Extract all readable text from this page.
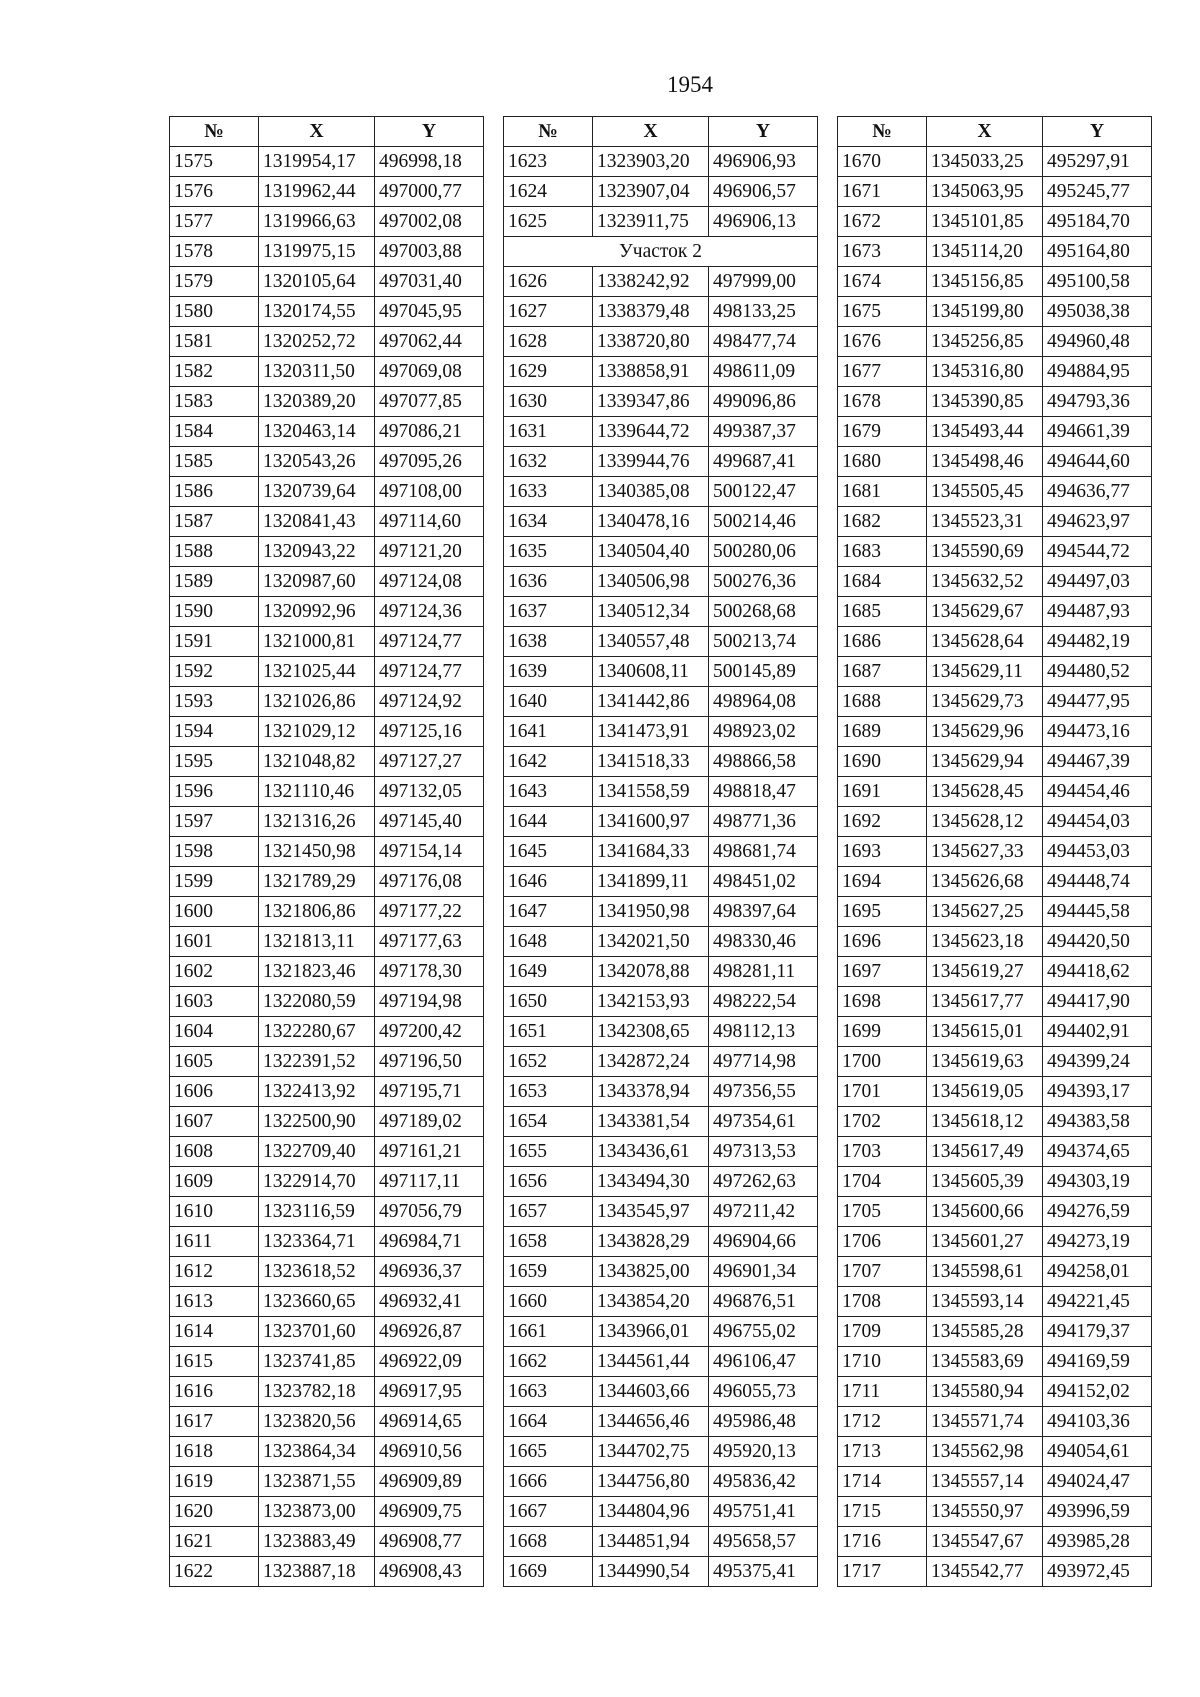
1954
№	X	Y
1575	1319954,17	496998,18
1576	1319962,44	497000,77
1577	1319966,63	497002,08
1578	1319975,15	497003,88
1579	1320105,64	497031,40
1580	1320174,55	497045,95
1581	1320252,72	497062,44
1582	1320311,50	497069,08
1583	1320389,20	497077,85
1584	1320463,14	497086,21
1585	1320543,26	497095,26
1586	1320739,64	497108,00
1587	1320841,43	497114,60
1588	1320943,22	497121,20
1589	1320987,60	497124,08
1590	1320992,96	497124,36
1591	1321000,81	497124,77
1592	1321025,44	497124,77
1593	1321026,86	497124,92
1594	1321029,12	497125,16
1595	1321048,82	497127,27
1596	1321110,46	497132,05
1597	1321316,26	497145,40
1598	1321450,98	497154,14
1599	1321789,29	497176,08
1600	1321806,86	497177,22
1601	1321813,11	497177,63
1602	1321823,46	497178,30
1603	1322080,59	497194,98
1604	1322280,67	497200,42
1605	1322391,52	497196,50
1606	1322413,92	497195,71
1607	1322500,90	497189,02
1608	1322709,40	497161,21
1609	1322914,70	497117,11
1610	1323116,59	497056,79
1611	1323364,71	496984,71
1612	1323618,52	496936,37
1613	1323660,65	496932,41
1614	1323701,60	496926,87
1615	1323741,85	496922,09
1616	1323782,18	496917,95
1617	1323820,56	496914,65
1618	1323864,34	496910,56
1619	1323871,55	496909,89
1620	1323873,00	496909,75
1621	1323883,49	496908,77
1622	1323887,18	496908,43
№	X	Y
1623	1323903,20	496906,93
1624	1323907,04	496906,57
1625	1323911,75	496906,13
Участок 2		
1626	1338242,92	497999,00
1627	1338379,48	498133,25
1628	1338720,80	498477,74
1629	1338858,91	498611,09
1630	1339347,86	499096,86
1631	1339644,72	499387,37
1632	1339944,76	499687,41
1633	1340385,08	500122,47
1634	1340478,16	500214,46
1635	1340504,40	500280,06
1636	1340506,98	500276,36
1637	1340512,34	500268,68
1638	1340557,48	500213,74
1639	1340608,11	500145,89
1640	1341442,86	498964,08
1641	1341473,91	498923,02
1642	1341518,33	498866,58
1643	1341558,59	498818,47
1644	1341600,97	498771,36
1645	1341684,33	498681,74
1646	1341899,11	498451,02
1647	1341950,98	498397,64
1648	1342021,50	498330,46
1649	1342078,88	498281,11
1650	1342153,93	498222,54
1651	1342308,65	498112,13
1652	1342872,24	497714,98
1653	1343378,94	497356,55
1654	1343381,54	497354,61
1655	1343436,61	497313,53
1656	1343494,30	497262,63
1657	1343545,97	497211,42
1658	1343828,29	496904,66
1659	1343825,00	496901,34
1660	1343854,20	496876,51
1661	1343966,01	496755,02
1662	1344561,44	496106,47
1663	1344603,66	496055,73
1664	1344656,46	495986,48
1665	1344702,75	495920,13
1666	1344756,80	495836,42
1667	1344804,96	495751,41
1668	1344851,94	495658,57
1669	1344990,54	495375,41
№	X	Y
1670	1345033,25	495297,91
1671	1345063,95	495245,77
1672	1345101,85	495184,70
1673	1345114,20	495164,80
1674	1345156,85	495100,58
1675	1345199,80	495038,38
1676	1345256,85	494960,48
1677	1345316,80	494884,95
1678	1345390,85	494793,36
1679	1345493,44	494661,39
1680	1345498,46	494644,60
1681	1345505,45	494636,77
1682	1345523,31	494623,97
1683	1345590,69	494544,72
1684	1345632,52	494497,03
1685	1345629,67	494487,93
1686	1345628,64	494482,19
1687	1345629,11	494480,52
1688	1345629,73	494477,95
1689	1345629,96	494473,16
1690	1345629,94	494467,39
1691	1345628,45	494454,46
1692	1345628,12	494454,03
1693	1345627,33	494453,03
1694	1345626,68	494448,74
1695	1345627,25	494445,58
1696	1345623,18	494420,50
1697	1345619,27	494418,62
1698	1345617,77	494417,90
1699	1345615,01	494402,91
1700	1345619,63	494399,24
1701	1345619,05	494393,17
1702	1345618,12	494383,58
1703	1345617,49	494374,65
1704	1345605,39	494303,19
1705	1345600,66	494276,59
1706	1345601,27	494273,19
1707	1345598,61	494258,01
1708	1345593,14	494221,45
1709	1345585,28	494179,37
1710	1345583,69	494169,59
1711	1345580,94	494152,02
1712	1345571,74	494103,36
1713	1345562,98	494054,61
1714	1345557,14	494024,47
1715	1345550,97	493996,59
1716	1345547,67	493985,28
1717	1345542,77	493972,45
